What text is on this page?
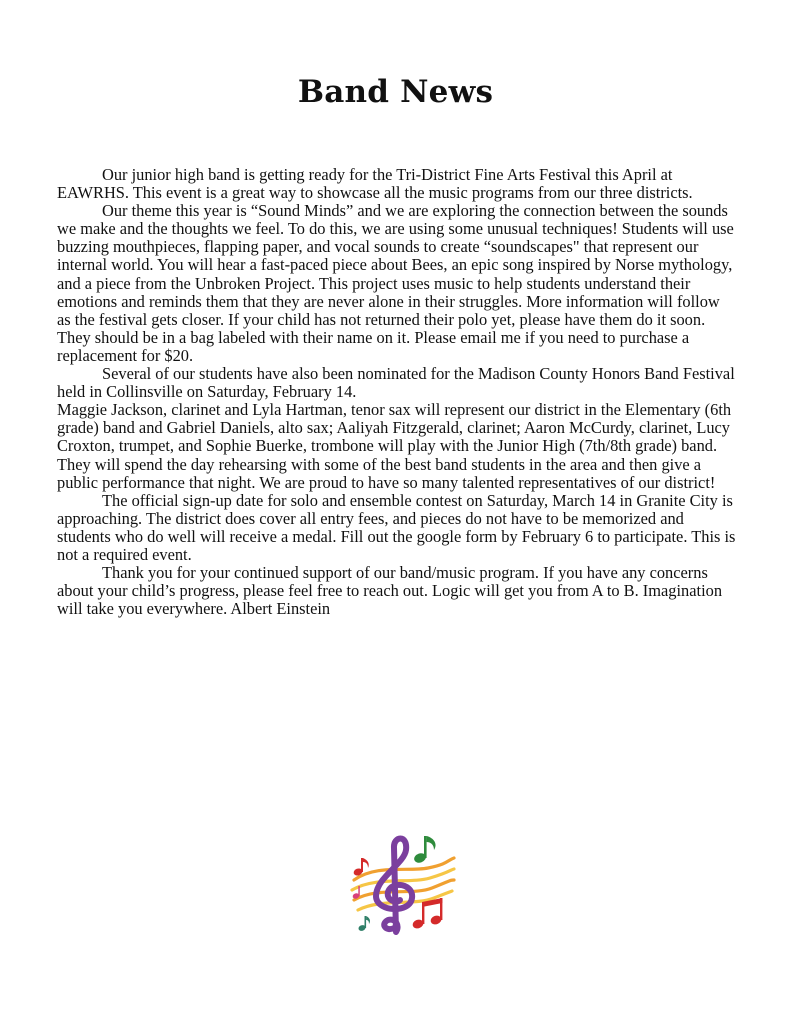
Band News

Our junior high band is getting ready for the Tri-District Fine Arts Festival this April at EAWRHS. This event is a great way to showcase all the music programs from our three districts.

Our theme this year is “Sound Minds” and we are exploring the connection between the sounds we make and the thoughts we feel. To do this, we are using some unusual techniques! Students will use buzzing mouthpieces, flapping paper, and vocal sounds to create “soundscapes" that represent our internal world. You will hear a fast-paced piece about Bees, an epic song inspired by Norse mythology, and a piece from the Unbroken Project. This project uses music to help students understand their emotions and reminds them that they are never alone in their struggles. More information will follow as the festival gets closer. If your child has not returned their polo yet, please have them do it soon. They should be in a bag labeled with their name on it. Please email me if you need to purchase a replacement for $20.

Several of our students have also been nominated for the Madison County Honors Band Festival held in Collinsville on Saturday, February 14.

Maggie Jackson, clarinet and Lyla Hartman, tenor sax will represent our district in the Elementary (6th grade) band and Gabriel Daniels, alto sax; Aaliyah Fitzgerald, clarinet; Aaron McCurdy, clarinet, Lucy Croxton, trumpet, and Sophie Buerke, trombone will play with the Junior High (7th/8th grade) band. They will spend the day rehearsing with some of the best band students in the area and then give a public performance that night. We are proud to have so many talented representatives of our district!

The official sign-up date for solo and ensemble contest on Saturday, March 14 in Granite City is approaching. The district does cover all entry fees, and pieces do not have to be memorized and students who do well will receive a medal. Fill out the google form by February 6 to participate. This is not a required event.

Thank you for your continued support of our band/music program. If you have any concerns about your child’s progress, please feel free to reach out. Logic will get you from A to B. Imagination will take you everywhere. Albert Einstein
